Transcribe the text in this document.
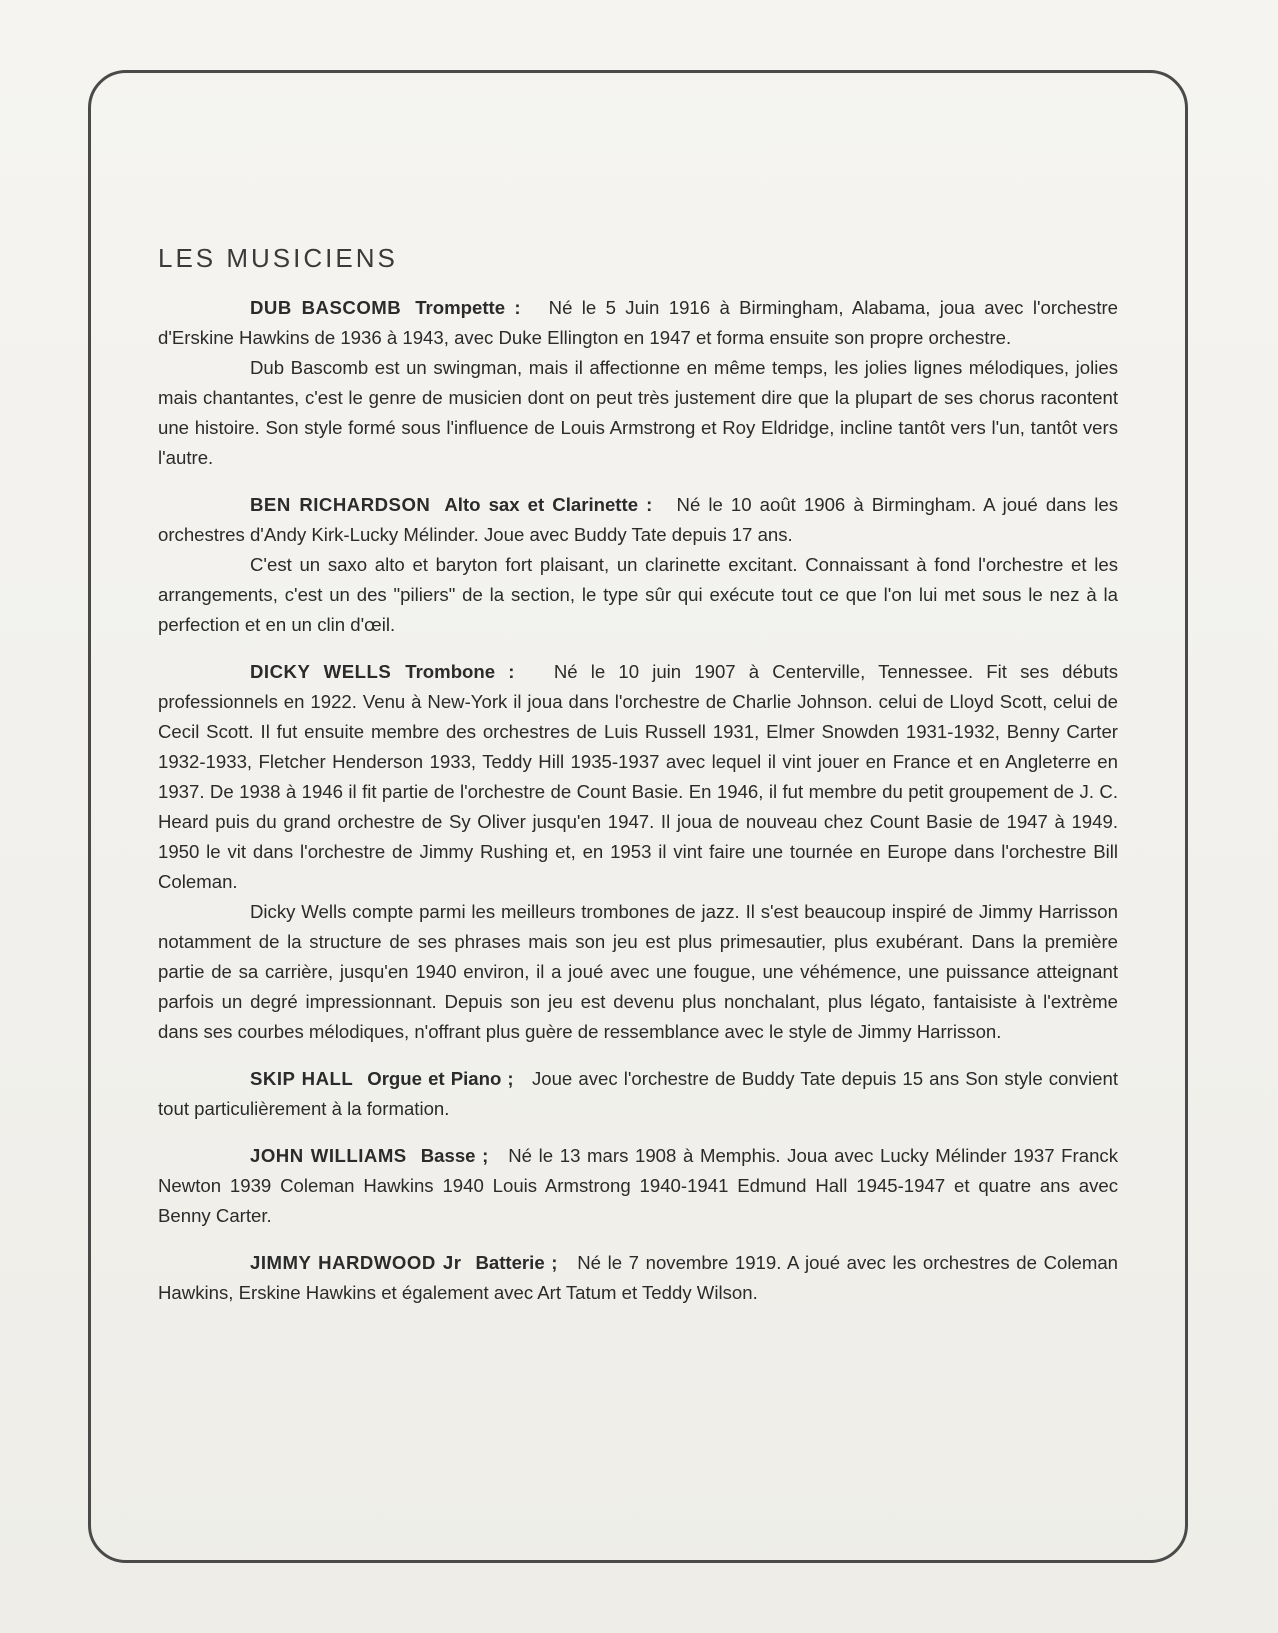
LES MUSICIENS

DUB BASCOMB Trompette : Né le 5 Juin 1916 à Birmingham, Alabama, joua avec l'orchestre d'Erskine Hawkins de 1936 à 1943, avec Duke Ellington en 1947 et forma ensuite son propre orchestre.

Dub Bascomb est un swingman, mais il affectionne en même temps, les jolies lignes mélodiques, jolies mais chantantes, c'est le genre de musicien dont on peut très justement dire que la plupart de ses chorus racontent une histoire. Son style formé sous l'influence de Louis Armstrong et Roy Eldridge, incline tantôt vers l'un, tantôt vers l'autre.

BEN RICHARDSON Alto sax et Clarinette : Né le 10 août 1906 à Birmingham. A joué dans les orchestres d'Andy Kirk-Lucky Mélinder. Joue avec Buddy Tate depuis 17 ans.

C'est un saxo alto et baryton fort plaisant, un clarinette excitant. Connaissant à fond l'orchestre et les arrangements, c'est un des "piliers" de la section, le type sûr qui exécute tout ce que l'on lui met sous le nez à la perfection et en un clin d'œil.

DICKY WELLS Trombone : Né le 10 juin 1907 à Centerville, Tennessee. Fit ses débuts professionnels en 1922. Venu à New-York il joua dans l'orchestre de Charlie Johnson. celui de Lloyd Scott, celui de Cecil Scott. Il fut ensuite membre des orchestres de Luis Russell 1931, Elmer Snowden 1931-1932, Benny Carter 1932-1933, Fletcher Henderson 1933, Teddy Hill 1935-1937 avec lequel il vint jouer en France et en Angleterre en 1937. De 1938 à 1946 il fit partie de l'orchestre de Count Basie. En 1946, il fut membre du petit groupement de J. C. Heard puis du grand orchestre de Sy Oliver jusqu'en 1947. Il joua de nouveau chez Count Basie de 1947 à 1949. 1950 le vit dans l'orchestre de Jimmy Rushing et, en 1953 il vint faire une tournée en Europe dans l'orchestre Bill Coleman.

Dicky Wells compte parmi les meilleurs trombones de jazz. Il s'est beaucoup inspiré de Jimmy Harrisson notamment de la structure de ses phrases mais son jeu est plus primesautier, plus exubérant. Dans la première partie de sa carrière, jusqu'en 1940 environ, il a joué avec une fougue, une véhémence, une puissance atteignant parfois un degré impressionnant. Depuis son jeu est devenu plus nonchalant, plus légato, fantaisiste à l'extrème dans ses courbes mélodiques, n'offrant plus guère de ressemblance avec le style de Jimmy Harrisson.

SKIP HALL Orgue et Piano ; Joue avec l'orchestre de Buddy Tate depuis 15 ans Son style convient tout particulièrement à la formation.

JOHN WILLIAMS Basse ; Né le 13 mars 1908 à Memphis. Joua avec Lucky Mélinder 1937 Franck Newton 1939 Coleman Hawkins 1940 Louis Armstrong 1940-1941 Edmund Hall 1945-1947 et quatre ans avec Benny Carter.

JIMMY HARDWOOD Jr Batterie ; Né le 7 novembre 1919. A joué avec les orchestres de Coleman Hawkins, Erskine Hawkins et également avec Art Tatum et Teddy Wilson.
